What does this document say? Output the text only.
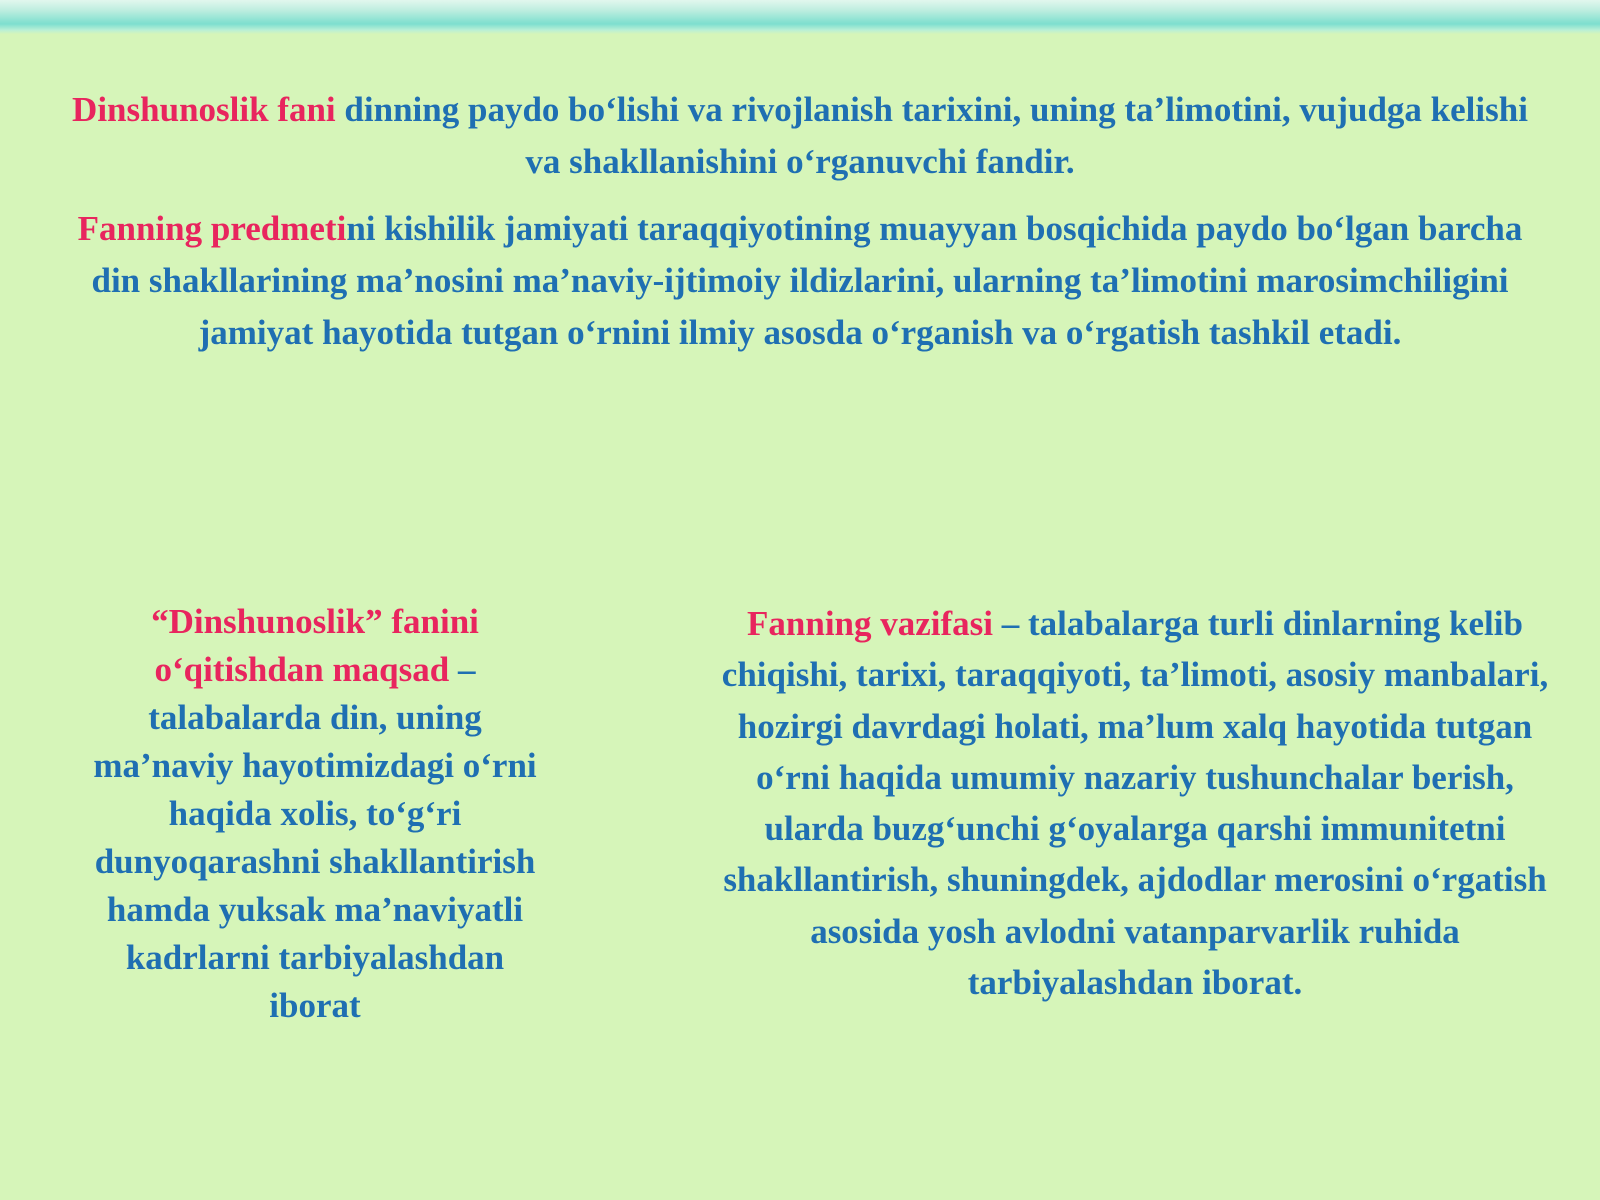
Dinshunoslik fani dinning paydo bo‘lishi va rivojlanish tarixini, uning ta’limotini, vujudga kelishi va shakllanishini o‘rganuvchi fandir.

Fanning predmetini kishilik jamiyati taraqqiyotining muayyan bosqichida paydo bo‘lgan barcha din shakllarining ma’nosini ma’naviy-ijtimoiy ildizlarini, ularning ta’limotini marosimchiligini jamiyat hayotida tutgan o‘rnini ilmiy asosda o‘rganish va o‘rgatish tashkil etadi.

“Dinshunoslik” fanini o‘qitishdan maqsad – talabalarda din, uning ma’naviy hayotimizdagi o‘rni haqida xolis, to‘g‘ri dunyoqarashni shakllantirish hamda yuksak ma’naviyatli kadrlarni tarbiyalashdan iborat

Fanning vazifasi – talabalarga turli dinlarning kelib chiqishi, tarixi, taraqqiyoti, ta’limoti, asosiy manbalari, hozirgi davrdagi holati, ma’lum xalq hayotida tutgan o‘rni haqida umumiy nazariy tushunchalar berish, ularda buzg‘unchi g‘oyalarga qarshi immunitetni shakllantirish, shuningdek, ajdodlar merosini o‘rgatish asosida yosh avlodni vatanparvarlik ruhida tarbiyalashdan iborat.
